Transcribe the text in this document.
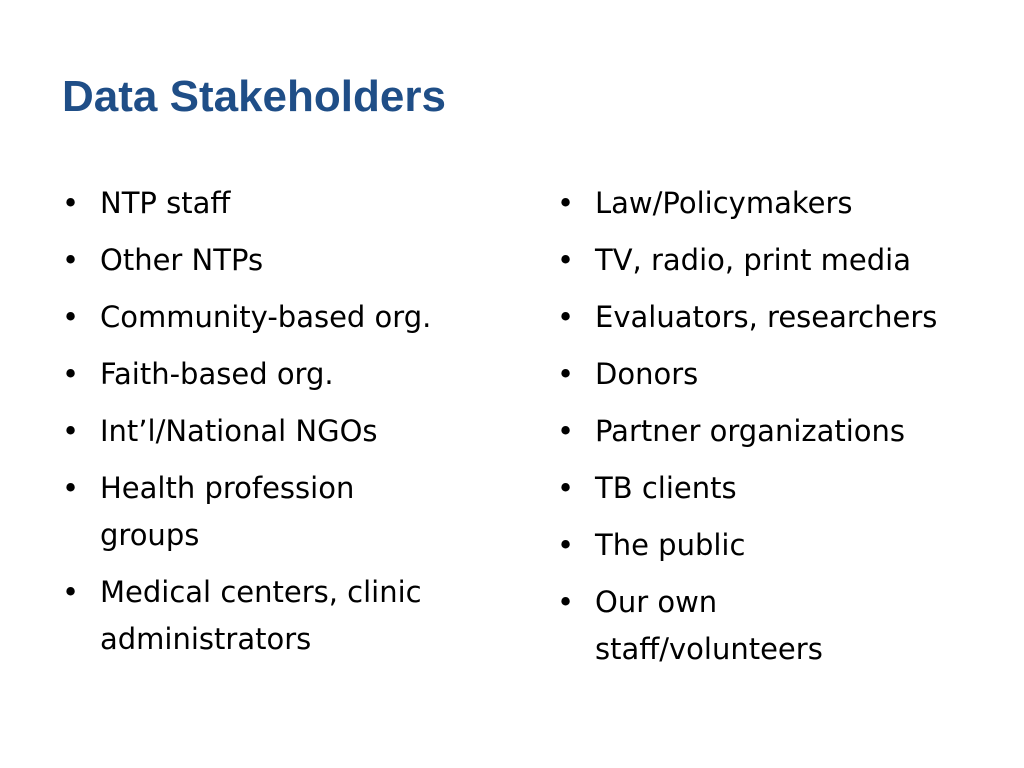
Data Stakeholders
• NTP staff
• Other NTPs
• Community-based org.
• Faith-based org.
• Int’l/National NGOs
• Health profession groups
• Medical centers, clinic administrators
• Law/Policymakers
• TV, radio, print media
• Evaluators, researchers
• Donors
• Partner organizations
• TB clients
• The public
• Our own staff/volunteers
